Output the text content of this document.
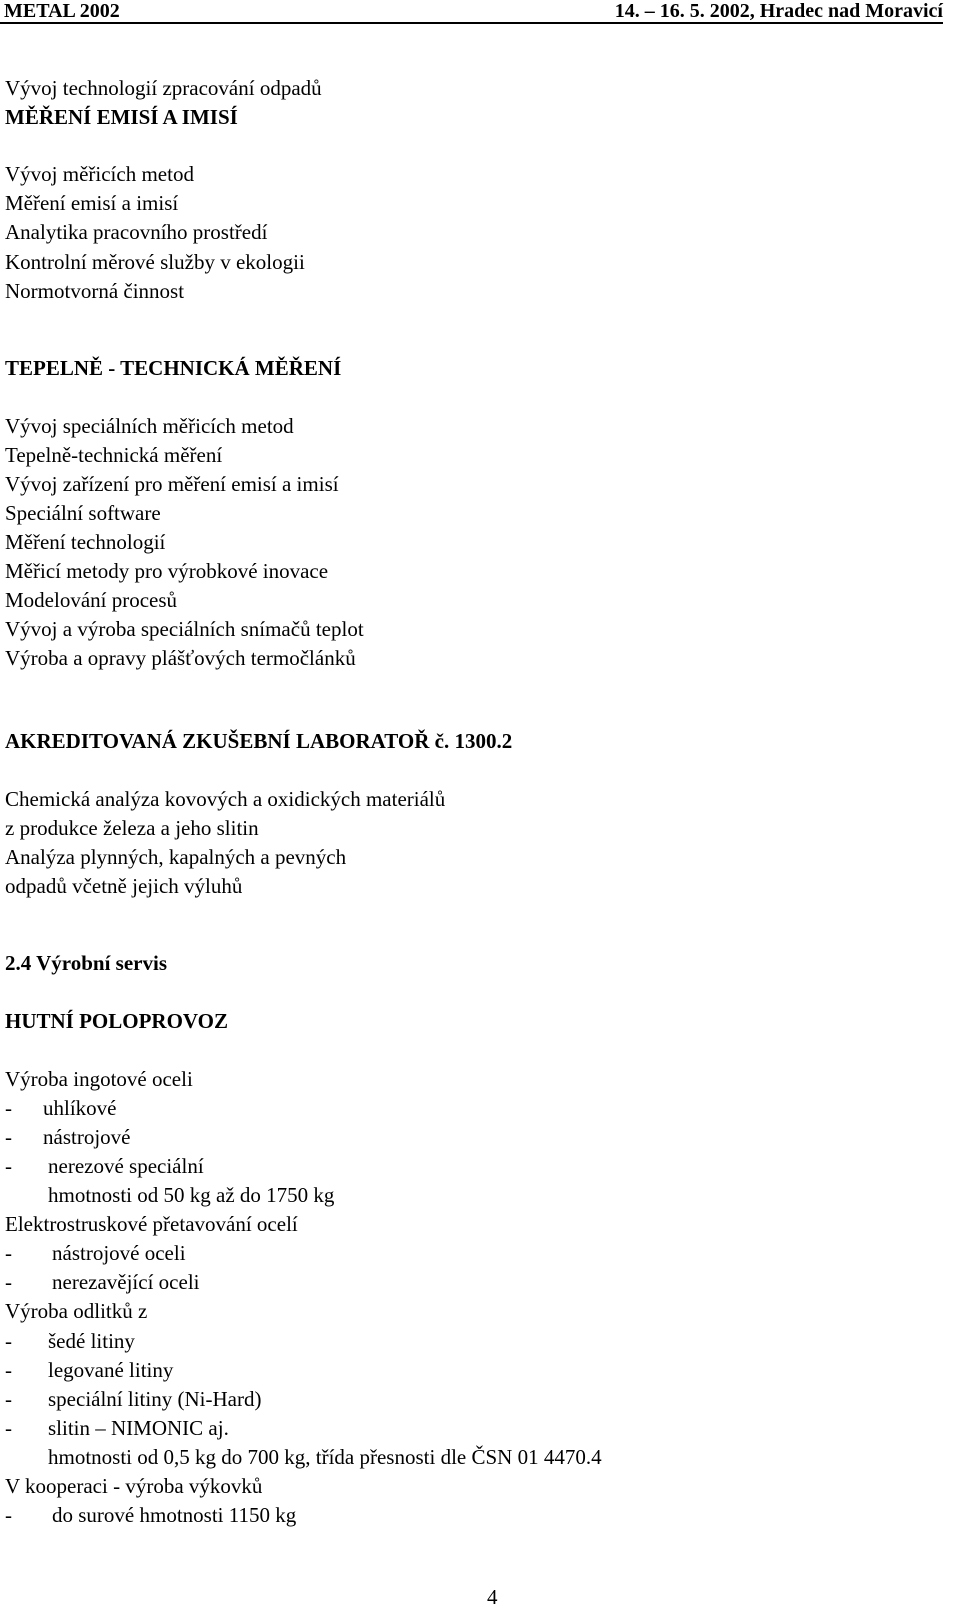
METAL 2002	14. – 16. 5. 2002, Hradec nad Moravicí
Vývoj technologií zpracování odpadů
MĚŘENÍ EMISÍ A IMISÍ
Vývoj měřicích metod
Měření emisí a imisí
Analytika pracovního prostředí
Kontrolní měrové služby v ekologii
Normotvorná činnost
TEPELNĚ - TECHNICKÁ MĚŘENÍ
Vývoj speciálních měřicích metod
Tepelně-technická měření
Vývoj zařízení pro měření emisí a imisí
Speciální software
Měření technologií
Měřicí metody pro výrobkové inovace
Modelování procesů
Vývoj a výroba speciálních snímačů teplot
Výroba a opravy plášťových termočlánků
AKREDITOVANÁ ZKUŠEBNÍ LABORATOŘ č. 1300.2
Chemická analýza kovových a oxidických materiálů
z produkce železa a jeho slitin
Analýza plynných, kapalných a pevných
odpadů včetně jejich výluhů
2.4 Výrobní servis
HUTNÍ POLOPROVOZ
Výroba ingotové oceli
- uhlíkové
- nástrojové
- nerezové speciální
hmotnosti od 50 kg až do 1750 kg
Elektrostruskové přetavování ocelí
- nástrojové oceli
- nerezavějící oceli
Výroba odlitků z
- šedé litiny
- legované litiny
- speciální litiny (Ni-Hard)
- slitin – NIMONIC aj.
hmotnosti od 0,5 kg do 700 kg, třída přesnosti dle ČSN 01 4470.4
V kooperaci - výroba výkovků
- do surové hmotnosti 1150 kg
4
